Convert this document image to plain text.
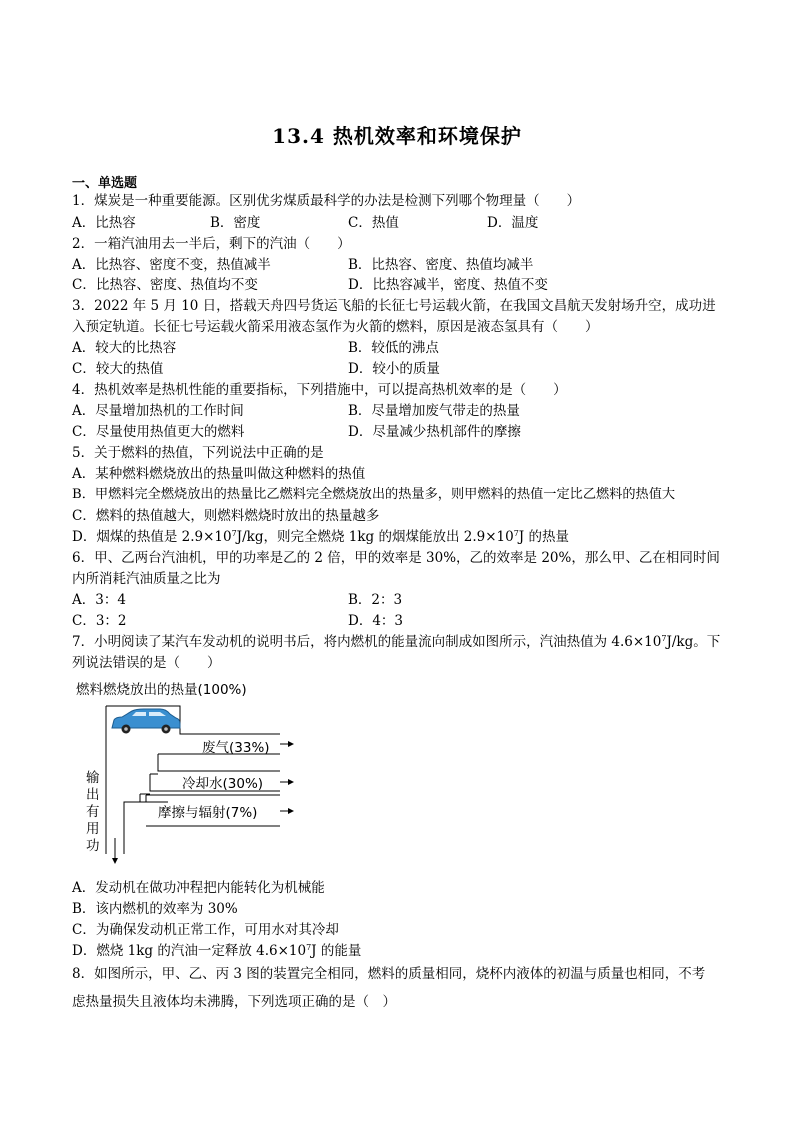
13.4 热机效率和环境保护
一、单选题
1．煤炭是一种重要能源。区别优劣煤质最科学的办法是检测下列哪个物理量（　　）
A．比热容	B．密度	C．热值	D．温度
2．一箱汽油用去一半后，剩下的汽油（　　）
A．比热容、密度不变，热值减半	B．比热容、密度、热值均减半
C．比热容、密度、热值均不变	D．比热容减半，密度、热值不变
3．2022 年 5 月 10 日，搭载天舟四号货运飞船的长征七号运载火箭，在我国文昌航天发射场升空，成功进
入预定轨道。长征七号运载火箭采用液态氢作为火箭的燃料，原因是液态氢具有（　　）
A．较大的比热容	B．较低的沸点
C．较大的热值	D．较小的质量
4．热机效率是热机性能的重要指标，下列措施中，可以提高热机效率的是（　　）
A．尽量增加热机的工作时间	B．尽量增加废气带走的热量
C．尽量使用热值更大的燃料	D．尽量减少热机部件的摩擦
5．关于燃料的热值，下列说法中正确的是
A．某种燃料燃烧放出的热量叫做这种燃料的热值
B．甲燃料完全燃烧放出的热量比乙燃料完全燃烧放出的热量多，则甲燃料的热值一定比乙燃料的热值大
C．燃料的热值越大，则燃料燃烧时放出的热量越多
D．烟煤的热值是 $2.9\times 10^7J/kg$，则完全燃烧 1kg 的烟煤能放出 $2.9\times 10^7J$ 的热量
6．甲、乙两台汽油机，甲的功率是乙的 2 倍，甲的效率是 30%，乙的效率是 20%，那么甲、乙在相同时间
内所消耗汽油质量之比为
A．3：4	B．2：3
C．3：2	D．4：3
7．小明阅读了某汽车发动机的说明书后，将内燃机的能量流向制成如图所示，汽油热值为 $4.6\times 10^7J/kg$。下
列说法错误的是（　　）
燃料燃烧放出的热量(100%)
废气(33%)
冷却水(30%)
摩擦与辐射(7%)
输
出
有
用
功
A．发动机在做功冲程把内能转化为机械能
B．该内燃机的效率为 30%
C．为确保发动机正常工作，可用水对其冷却
D．燃烧 1kg 的汽油一定释放 $4.6\times 10^7J$ 的能量
8．如图所示，甲、乙、丙 3 图的装置完全相同，燃料的质量相同，烧杯内液体的初温与质量也相同，不考
虑热量损失且液体均未沸腾，下列选项正确的是（　）
